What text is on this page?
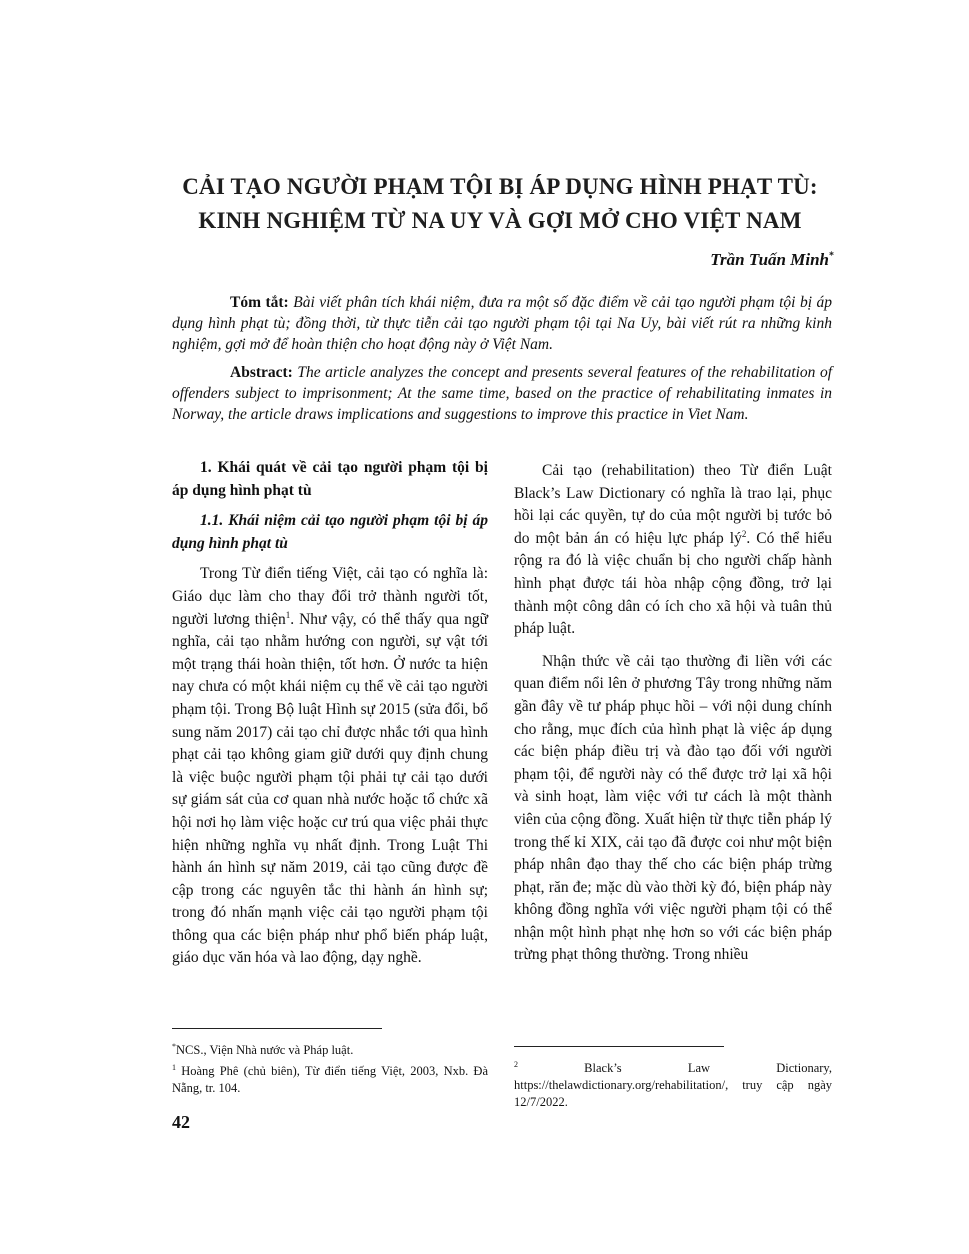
CẢI TẠO NGƯỜI PHẠM TỘI BỊ ÁP DỤNG HÌNH PHẠT TÙ:
KINH NGHIỆM TỪ NA UY VÀ GỢI MỞ CHO VIỆT NAM
Trần Tuấn Minh*

Tóm tắt: Bài viết phân tích khái niệm, đưa ra một số đặc điểm về cải tạo người phạm tội bị áp dụng hình phạt tù; đồng thời, từ thực tiễn cải tạo người phạm tội tại Na Uy, bài viết rút ra những kinh nghiệm, gợi mở để hoàn thiện cho hoạt động này ở Việt Nam.

Abstract: The article analyzes the concept and presents several features of the rehabilitation of offenders subject to imprisonment; At the same time, based on the practice of rehabilitating inmates in Norway, the article draws implications and suggestions to improve this practice in Viet Nam.

1. Khái quát về cải tạo người phạm tội bị áp dụng hình phạt tù

1.1. Khái niệm cải tạo người phạm tội bị áp dụng hình phạt tù

Trong Từ điển tiếng Việt, cải tạo có nghĩa là: Giáo dục làm cho thay đổi trở thành người tốt, người lương thiện$^1$. Như vậy, có thể thấy qua ngữ nghĩa, cải tạo nhằm hướng con người, sự vật tới một trạng thái hoàn thiện, tốt hơn. Ở nước ta hiện nay chưa có một khái niệm cụ thể về cải tạo người phạm tội. Trong Bộ luật Hình sự 2015 (sửa đổi, bổ sung năm 2017) cải tạo chỉ được nhắc tới qua hình phạt cải tạo không giam giữ dưới quy định chung là việc buộc người phạm tội phải tự cải tạo dưới sự giám sát của cơ quan nhà nước hoặc tổ chức xã hội nơi họ làm việc hoặc cư trú qua việc phải thực hiện những nghĩa vụ nhất định. Trong Luật Thi hành án hình sự năm 2019, cải tạo cũng được đề cập trong các nguyên tắc thi hành án hình sự; trong đó nhấn mạnh việc cải tạo người phạm tội thông qua các biện pháp như phổ biến pháp luật, giáo dục văn hóa và lao động, dạy nghề.

Cải tạo (rehabilitation) theo Từ điển Luật Black’s Law Dictionary có nghĩa là trao lại, phục hồi lại các quyền, tự do của một người bị tước bỏ do một bản án có hiệu lực pháp $lý^2$. Có thể hiểu rộng ra đó là việc chuẩn bị cho người chấp hành hình phạt được tái hòa nhập cộng đồng, trở lại thành một công dân có ích cho xã hội và tuân thủ pháp luật.

Nhận thức về cải tạo thường đi liền với các quan điểm nổi lên ở phương Tây trong những năm gần đây về tư pháp phục hồi – với nội dung chính cho rằng, mục đích của hình phạt là việc áp dụng các biện pháp điều trị và đào tạo đối với người phạm tội, để người này có thể được trở lại xã hội và sinh hoạt, làm việc với tư cách là một thành viên của cộng đồng. Xuất hiện từ thực tiễn pháp lý trong thế kỉ XIX, cải tạo đã được coi như một biện pháp nhân đạo thay thế cho các biện pháp trừng phạt, răn đe; mặc dù vào thời kỳ đó, biện pháp này không đồng nghĩa với việc người phạm tội có thể nhận một hình phạt nhẹ hơn so với các biện pháp trừng phạt thông thường. Trong nhiều

*NCS., Viện Nhà nước và Pháp luật.

$^1$ Hoàng Phê (chủ biên), Từ điển tiếng Việt, 2003, Nxb. Đà Nẵng, tr. 104.

$^2$	Black’s Law Dictionary, https://thelawdictionary.org/rehabilitation/, truy cập ngày 12/7/2022.

42
